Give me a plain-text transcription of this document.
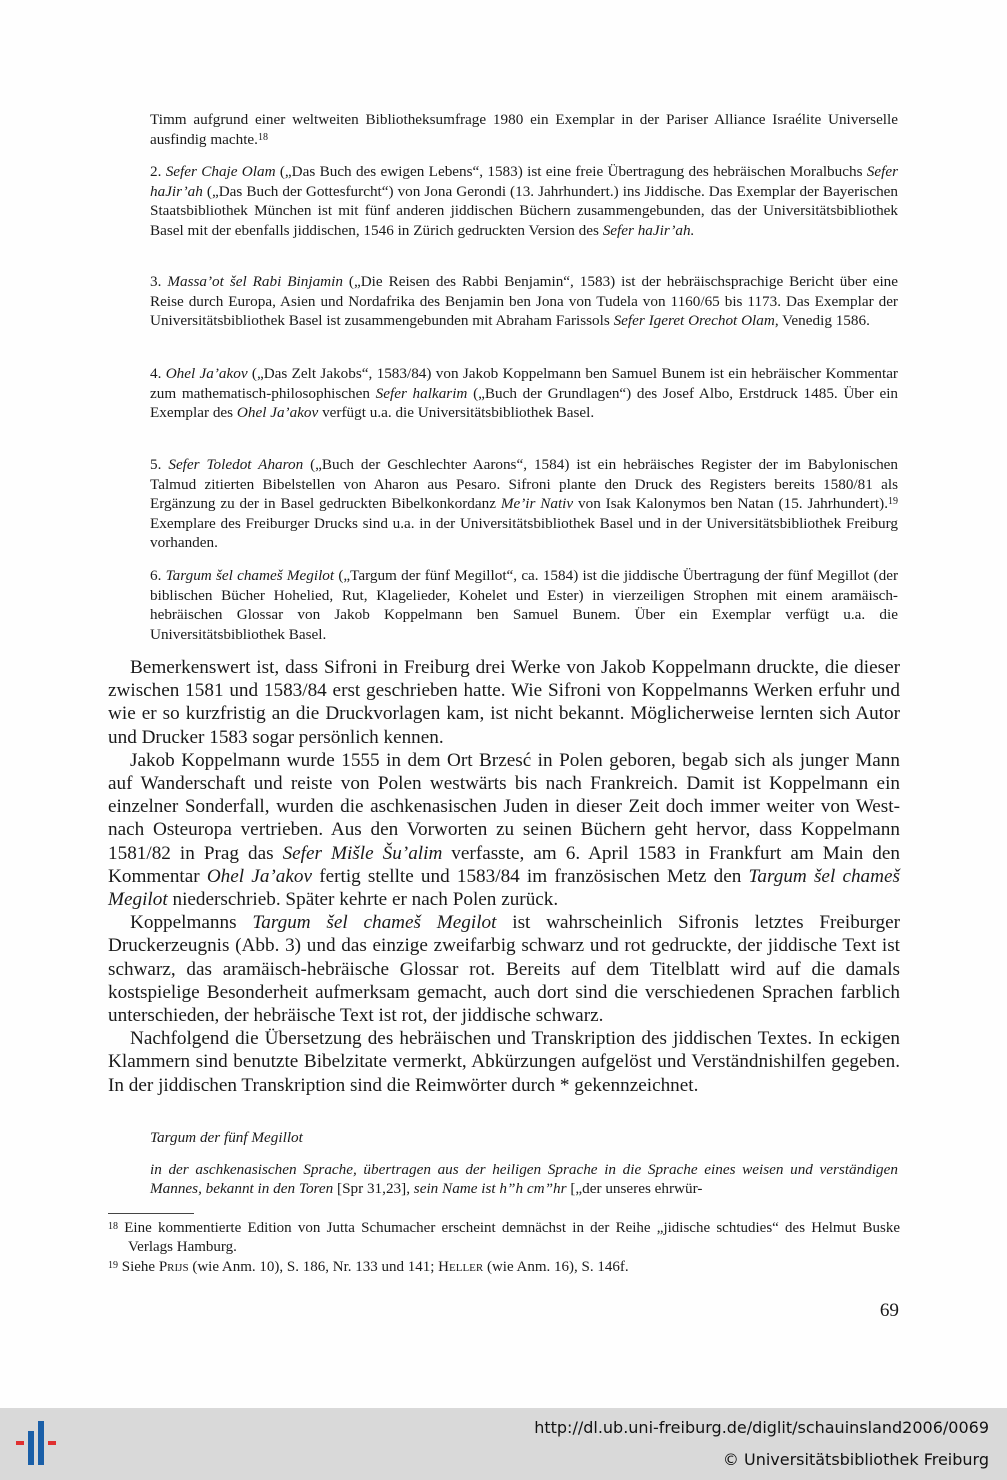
Timm aufgrund einer weltweiten Bibliotheksumfrage 1980 ein Exemplar in der Pariser Alliance Israélite Universelle ausfindig machte.$^{18}$

2. Sefer Chaje Olam („Das Buch des ewigen Lebens“, 1583) ist eine freie Übertragung des hebräischen Moralbuchs Sefer haJir’ah („Das Buch der Gottesfurcht“) von Jona Gerondi (13. Jahrhundert.) ins Jiddische. Das Exemplar der Bayerischen Staatsbibliothek München ist mit fünf anderen jiddischen Büchern zusammengebunden, das der Universitätsbibliothek Basel mit der ebenfalls jiddischen, 1546 in Zürich gedruckten Version des Sefer haJir’ah.

3. Massa’ot šel Rabi Binjamin („Die Reisen des Rabbi Benjamin“, 1583) ist der hebräischsprachige Bericht über eine Reise durch Europa, Asien und Nordafrika des Benjamin ben Jona von Tudela von 1160/65 bis 1173. Das Exemplar der Universitätsbibliothek Basel ist zusammengebunden mit Abraham Farissols Sefer Igeret Orechot Olam, Venedig 1586.

4. Ohel Ja’akov („Das Zelt Jakobs“, 1583/84) von Jakob Koppelmann ben Samuel Bunem ist ein hebräischer Kommentar zum mathematisch-philosophischen Sefer halkarim („Buch der Grundlagen“) des Josef Albo, Erstdruck 1485. Über ein Exemplar des Ohel Ja’akov verfügt u.a. die Universitätsbibliothek Basel.

5. Sefer Toledot Aharon („Buch der Geschlechter Aarons“, 1584) ist ein hebräisches Register der im Babylonischen Talmud zitierten Bibelstellen von Aharon aus Pesaro. Sifroni plante den Druck des Registers bereits 1580/81 als Ergänzung zu der in Basel gedruckten Bibelkonkordanz Me’ir Nativ von Isak Kalonymos ben Natan (15. Jahrhundert).$^{19}$ Exemplare des Freiburger Drucks sind u.a. in der Universitätsbibliothek Basel und in der Universitätsbibliothek Freiburg vorhanden.

6. Targum šel chameš Megilot („Targum der fünf Megillot“, ca. 1584) ist die jiddische Übertragung der fünf Megillot (der biblischen Bücher Hohelied, Rut, Klagelieder, Kohelet und Ester) in vierzeiligen Strophen mit einem aramäisch-hebräischen Glossar von Jakob Koppelmann ben Samuel Bunem. Über ein Exemplar verfügt u.a. die Universitätsbibliothek Basel.

Bemerkenswert ist, dass Sifroni in Freiburg drei Werke von Jakob Koppelmann druckte, die dieser zwischen 1581 und 1583/84 erst geschrieben hatte. Wie Sifroni von Koppelmanns Werken erfuhr und wie er so kurzfristig an die Druckvorlagen kam, ist nicht bekannt. Möglicherweise lernten sich Autor und Drucker 1583 sogar persönlich kennen.

Jakob Koppelmann wurde 1555 in dem Ort Brzesć in Polen geboren, begab sich als junger Mann auf Wanderschaft und reiste von Polen westwärts bis nach Frankreich. Damit ist Koppelmann ein einzelner Sonderfall, wurden die aschkenasischen Juden in dieser Zeit doch immer weiter von West- nach Osteuropa vertrieben. Aus den Vorworten zu seinen Büchern geht hervor, dass Koppelmann 1581/82 in Prag das Sefer Mišle Šu’alim verfasste, am 6. April 1583 in Frankfurt am Main den Kommentar Ohel Ja’akov fertig stellte und 1583/84 im französischen Metz den Targum šel chameš Megilot niederschrieb. Später kehrte er nach Polen zurück.

Koppelmanns Targum šel chameš Megilot ist wahrscheinlich Sifronis letztes Freiburger Druckerzeugnis (Abb. 3) und das einzige zweifarbig schwarz und rot gedruckte, der jiddische Text ist schwarz, das aramäisch-hebräische Glossar rot. Bereits auf dem Titelblatt wird auf die damals kostspielige Besonderheit aufmerksam gemacht, auch dort sind die verschiedenen Sprachen farblich unterschieden, der hebräische Text ist rot, der jiddische schwarz.

Nachfolgend die Übersetzung des hebräischen und Transkription des jiddischen Textes. In eckigen Klammern sind benutzte Bibelzitate vermerkt, Abkürzungen aufgelöst und Verständnishilfen gegeben. In der jiddischen Transkription sind die Reimwörter durch * gekennzeichnet.

Targum der fünf Megillot

in der aschkenasischen Sprache, übertragen aus der heiligen Sprache in die Sprache eines weisen und verständigen Mannes, bekannt in den Toren [Spr 31,23], sein Name ist h”h cm”hr [„der unseres ehrwür-

$^{18}$ Eine kommentierte Edition von Jutta Schumacher erscheint demnächst in der Reihe „jidische schtudies“ des Helmut Buske Verlags Hamburg.

$^{19}$ Siehe Prijs (wie Anm. 10), S. 186, Nr. 133 und 141; Heller (wie Anm. 16), S. 146f.

69
http://dl.ub.uni-freiburg.de/diglit/schauinsland2006/0069
© Universitätsbibliothek Freiburg
